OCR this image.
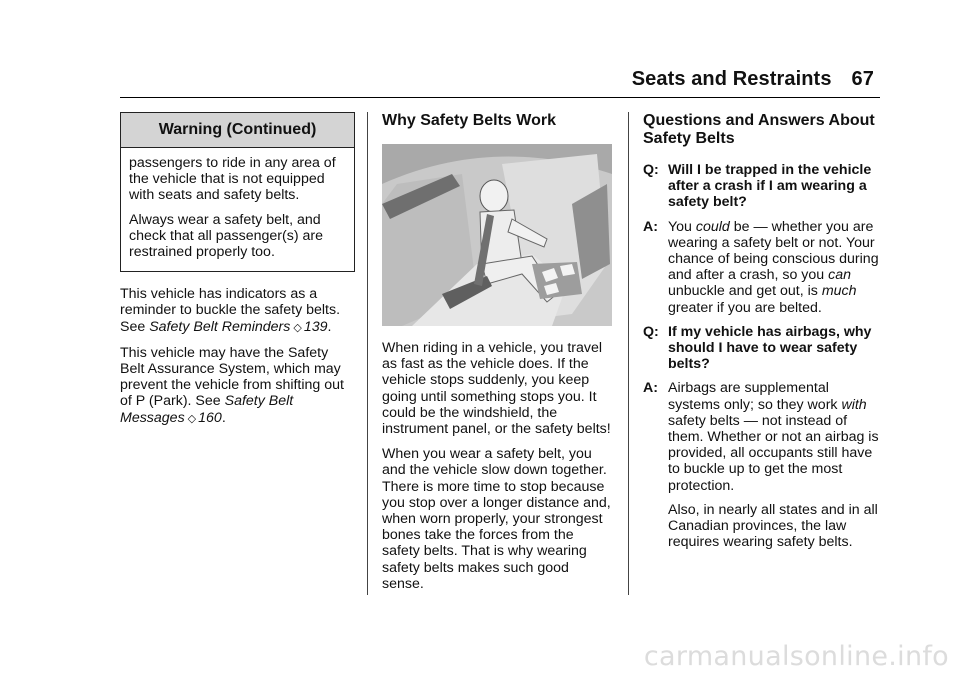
Seats and Restraints 67
Warning (Continued)

passengers to ride in any area of the vehicle that is not equipped with seats and safety belts.

Always wear a safety belt, and check that all passenger(s) are restrained properly too.

This vehicle has indicators as a reminder to buckle the safety belts. See Safety Belt Reminders ◇ 139.

This vehicle may have the Safety Belt Assurance System, which may prevent the vehicle from shifting out of P (Park). See Safety Belt Messages ◇ 160.

Why Safety Belts Work

When riding in a vehicle, you travel as fast as the vehicle does. If the vehicle stops suddenly, you keep going until something stops you. It could be the windshield, the instrument panel, or the safety belts!

When you wear a safety belt, you and the vehicle slow down together. There is more time to stop because you stop over a longer distance and, when worn properly, your strongest bones take the forces from the safety belts. That is why wearing safety belts makes such good sense.

Questions and Answers About Safety Belts
Q: Will I be trapped in the vehicle after a crash if I am wearing a safety belt?
A: You could be — whether you are wearing a safety belt or not. Your chance of being conscious during and after a crash, so you can unbuckle and get out, is much greater if you are belted.
Q: If my vehicle has airbags, why should I have to wear safety belts?
A: Airbags are supplemental systems only; so they work with safety belts — not instead of them. Whether or not an airbag is provided, all occupants still have to buckle up to get the most protection.
Also, in nearly all states and in all Canadian provinces, the law requires wearing safety belts.
carmanualsonline.info
